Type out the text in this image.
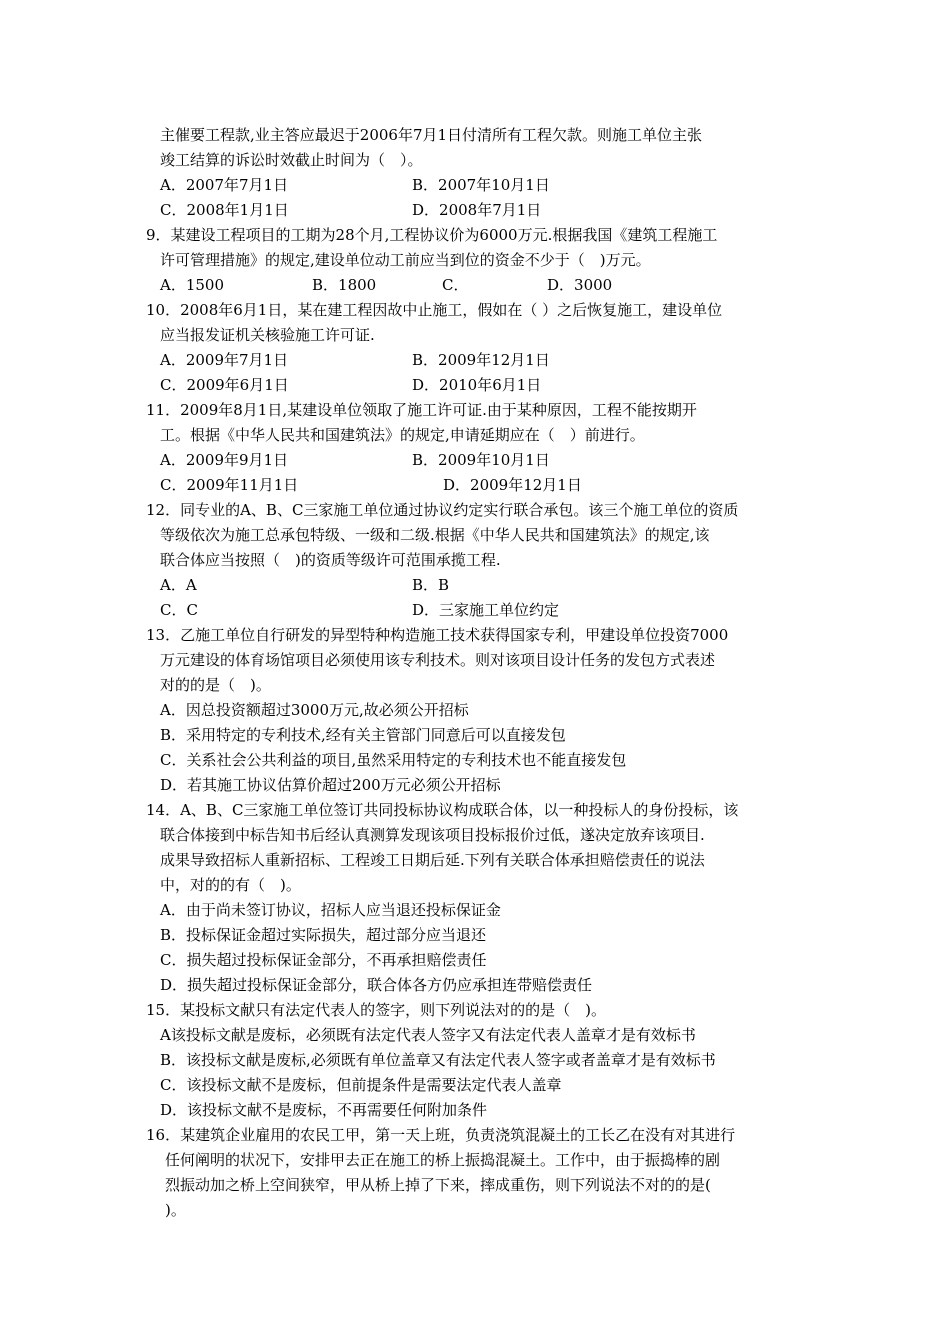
主催要工程款,业主答应最迟于2006年7月1日付清所有工程欠款。则施工单位主张
竣工结算的诉讼时效截止时间为（　）。
A．2007年7月1日	B．2007年10月1日
C．2008年1月1日	D．2008年7月1日
9．某建设工程项目的工期为28个月,工程协议价为6000万元.根据我国《建筑工程施工
许可管理措施》的规定,建设单位动工前应当到位的资金不少于（　)万元。
A．1500	B．1800	C．	D．3000
10．2008年6月1日，某在建工程因故中止施工，假如在（ ）之后恢复施工，建设单位
应当报发证机关核验施工许可证.
A．2009年7月1日	B．2009年12月1日
C．2009年6月1日	D．2010年6月1日
11．2009年8月1日,某建设单位领取了施工许可证.由于某种原因，工程不能按期开
工。根据《中华人民共和国建筑法》的规定,申请延期应在（　）前进行。
A．2009年9月1日	B．2009年10月1日
C．2009年11月1日	D．2009年12月1日
12．同专业的A、B、C三家施工单位通过协议约定实行联合承包。该三个施工单位的资质
等级依次为施工总承包特级、一级和二级.根据《中华人民共和国建筑法》的规定,该
联合体应当按照（　)的资质等级许可范围承揽工程.
A．A	B．B
C．C	D．三家施工单位约定
13．乙施工单位自行研发的异型特种构造施工技术获得国家专利，甲建设单位投资7000
万元建设的体育场馆项目必须使用该专利技术。则对该项目设计任务的发包方式表述
对的的是（　)。
A．因总投资额超过3000万元,故必须公开招标
B．采用特定的专利技术,经有关主管部门同意后可以直接发包
C．关系社会公共利益的项目,虽然采用特定的专利技术也不能直接发包
D．若其施工协议估算价超过200万元必须公开招标
14．A、B、C三家施工单位签订共同投标协议构成联合体，以一种投标人的身份投标，该
联合体接到中标告知书后经认真测算发现该项目投标报价过低，遂决定放弃该项目.
成果导致招标人重新招标、工程竣工日期后延.下列有关联合体承担赔偿责任的说法
中，对的的有（　)。
A．由于尚未签订协议，招标人应当退还投标保证金
B．投标保证金超过实际损失，超过部分应当退还
C．损失超过投标保证金部分，不再承担赔偿责任
D．损失超过投标保证金部分，联合体各方仍应承担连带赔偿责任
15．某投标文献只有法定代表人的签字，则下列说法对的的是（　)。
A该投标文献是废标，必须既有法定代表人签字又有法定代表人盖章才是有效标书
B．该投标文献是废标,必须既有单位盖章又有法定代表人签字或者盖章才是有效标书
C．该投标文献不是废标，但前提条件是需要法定代表人盖章
D．该投标文献不是废标，不再需要任何附加条件
16．某建筑企业雇用的农民工甲，第一天上班，负责浇筑混凝土的工长乙在没有对其进行
任何阐明的状况下，安排甲去正在施工的桥上振捣混凝土。工作中，由于振捣棒的剧
烈振动加之桥上空间狭窄，甲从桥上掉了下来，摔成重伤，则下列说法不对的的是(
)。
